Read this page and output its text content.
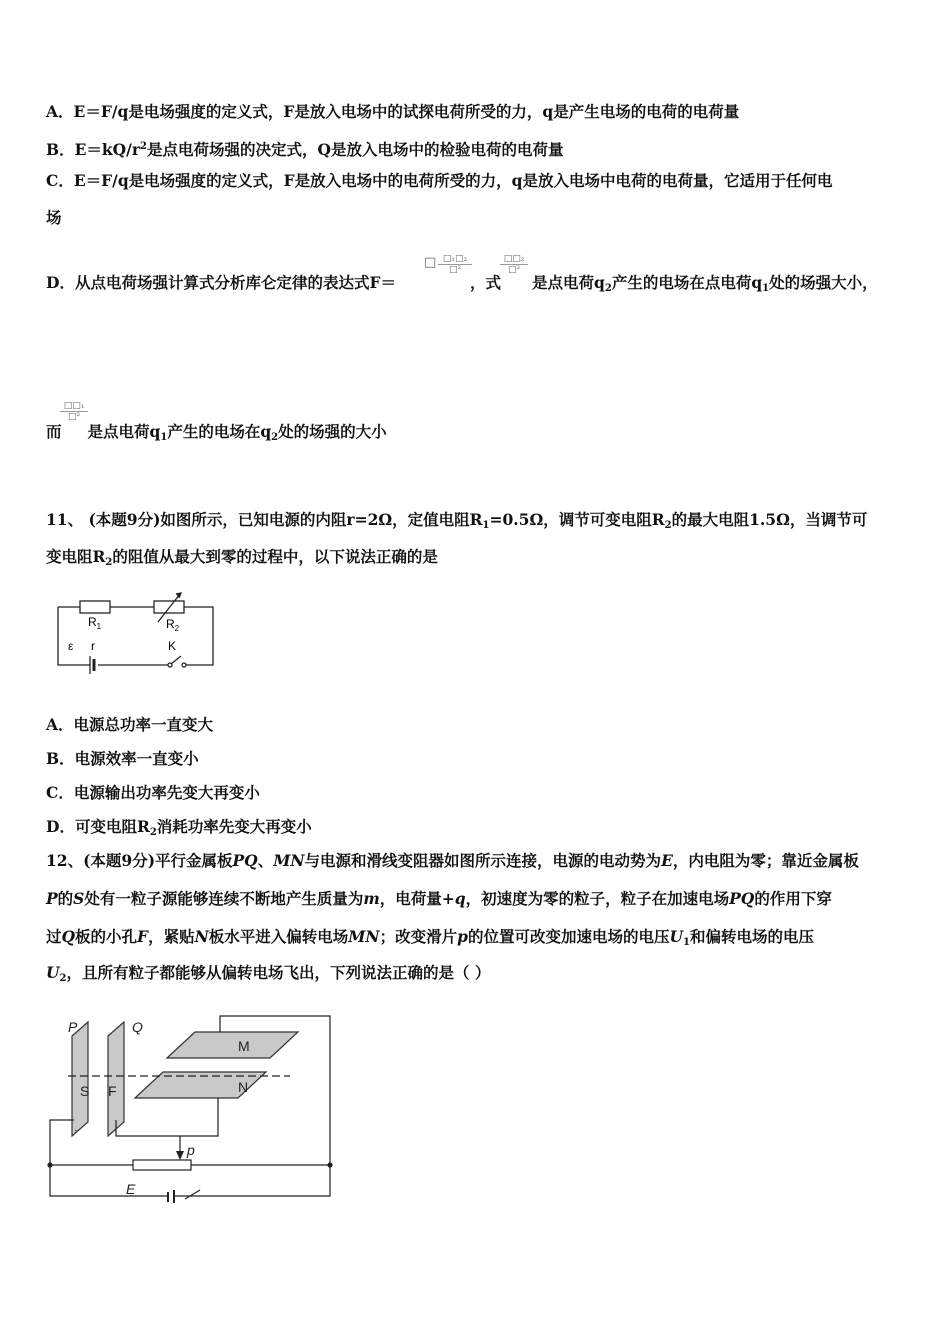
A．E＝F/q是电场强度的定义式，F是放入电场中的试探电荷所受的力，q是产生电场的电荷的电荷量
B．$E=kQ/r^2$是点电荷场强的决定式，Q是放入电场中的检验电荷的电荷量
C．E＝F/q是电场强度的定义式，F是放入电场中的电荷所受的力，q是放入电场中电荷的电荷量，它适用于任何电
场
D．从点电荷场强计算式分析库仑定律的表达式F＝
□ □₁□₂
□²
，式
□□₂
□²
是点电荷$q_2$产生的电场在点电荷$q_1$处的场强大小，
□□₁
□²
而 是点电荷$q_1$产生的电场在$q_2$处的场强的大小
11、 (本题9分)如图所示，已知电源的内阻r=2Ω，定值电阻$R_1=0.5\Omega$，调节可变电阻$R_2$的最大电阻1.5Ω，当调节可
变电阻$R_2$的阻值从最大到零的过程中，以下说法正确的是
$R_1$	$R_2$
ε r	K
A．电源总功率一直变大
B．电源效率一直变小
C．电源输出功率先变大再变小
D．可变电阻$R_2$消耗功率先变大再变小
12、(本题9分)平行金属板PQ、MN与电源和滑线变阻器如图所示连接，电源的电动势为E，内电阻为零；靠近金属板
P的S处有一粒子源能够连续不断地产生质量为m，电荷量+q，初速度为零的粒子，粒子在加速电场PQ的作用下穿
过Q板的小孔F，紧贴N板水平进入偏转电场MN；改变滑片p的位置可改变加速电场的电压$U_1$和偏转电场的电压
$U_2$，且所有粒子都能够从偏转电场飞出，下列说法正确的是（ ）
P	Q
M
N
S F
p
E
